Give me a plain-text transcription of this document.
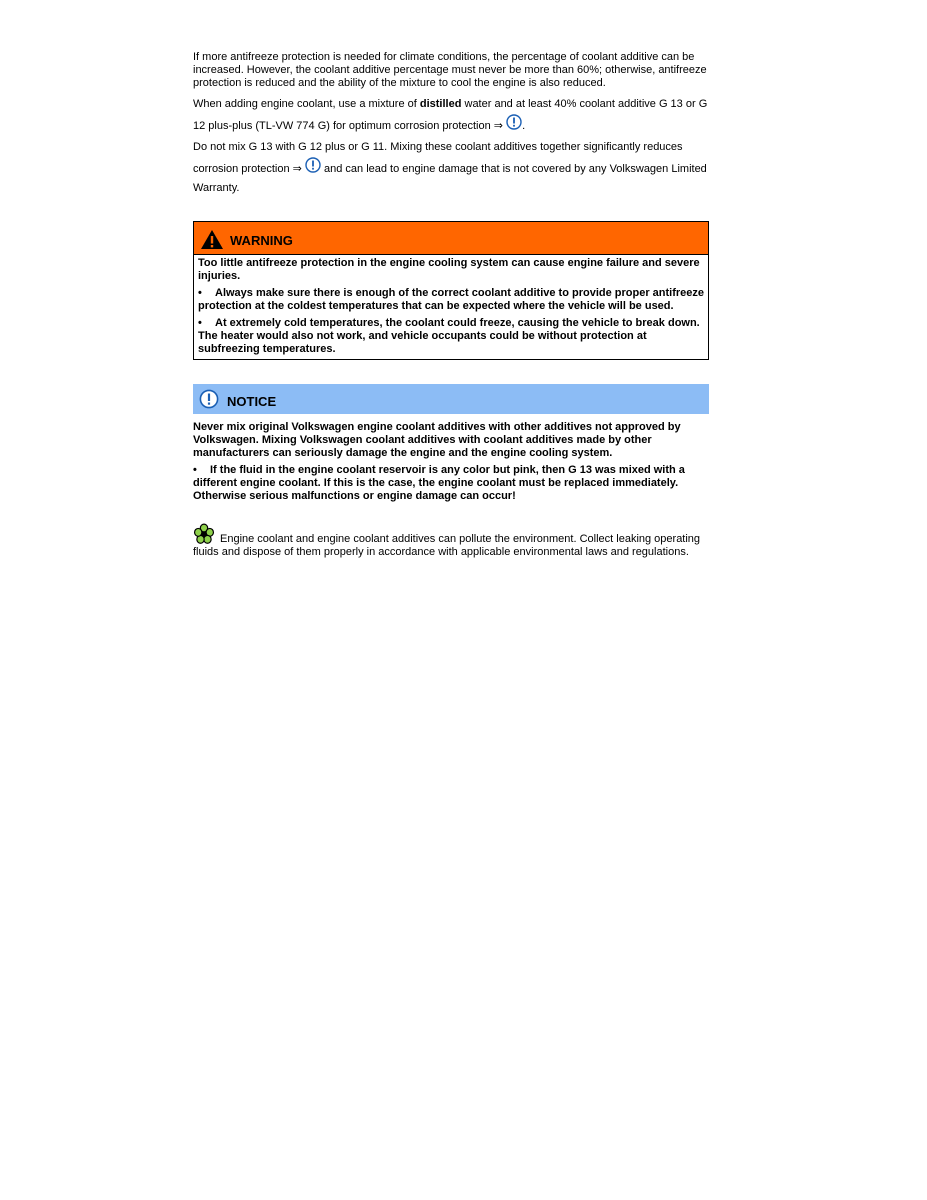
If more antifreeze protection is needed for climate conditions, the percentage of coolant additive can be increased. However, the coolant additive percentage must never be more than 60%; otherwise, antifreeze protection is reduced and the ability of the mixture to cool the engine is also reduced.

When adding engine coolant, use a mixture of distilled water and at least 40% coolant additive G 13 or G 12 plus-plus (TL-VW 774 G) for optimum corrosion protection ⇒ .

Do not mix G 13 with G 12 plus or G 11. Mixing these coolant additives together significantly reduces corrosion protection ⇒  and can lead to engine damage that is not covered by any Volkswagen Limited Warranty.

WARNING

Too little antifreeze protection in the engine cooling system can cause engine failure and severe injuries.

• Always make sure there is enough of the correct coolant additive to provide proper antifreeze protection at the coldest temperatures that can be expected where the vehicle will be used.

• At extremely cold temperatures, the coolant could freeze, causing the vehicle to break down. The heater would also not work, and vehicle occupants could be without protection at subfreezing temperatures.

NOTICE

Never mix original Volkswagen engine coolant additives with other additives not approved by Volkswagen. Mixing Volkswagen coolant additives with coolant additives made by other manufacturers can seriously damage the engine and the engine cooling system.

• If the fluid in the engine coolant reservoir is any color but pink, then G 13 was mixed with a different engine coolant. If this is the case, the engine coolant must be replaced immediately. Otherwise serious malfunctions or engine damage can occur!

Engine coolant and engine coolant additives can pollute the environment. Collect leaking operating fluids and dispose of them properly in accordance with applicable environmental laws and regulations.
